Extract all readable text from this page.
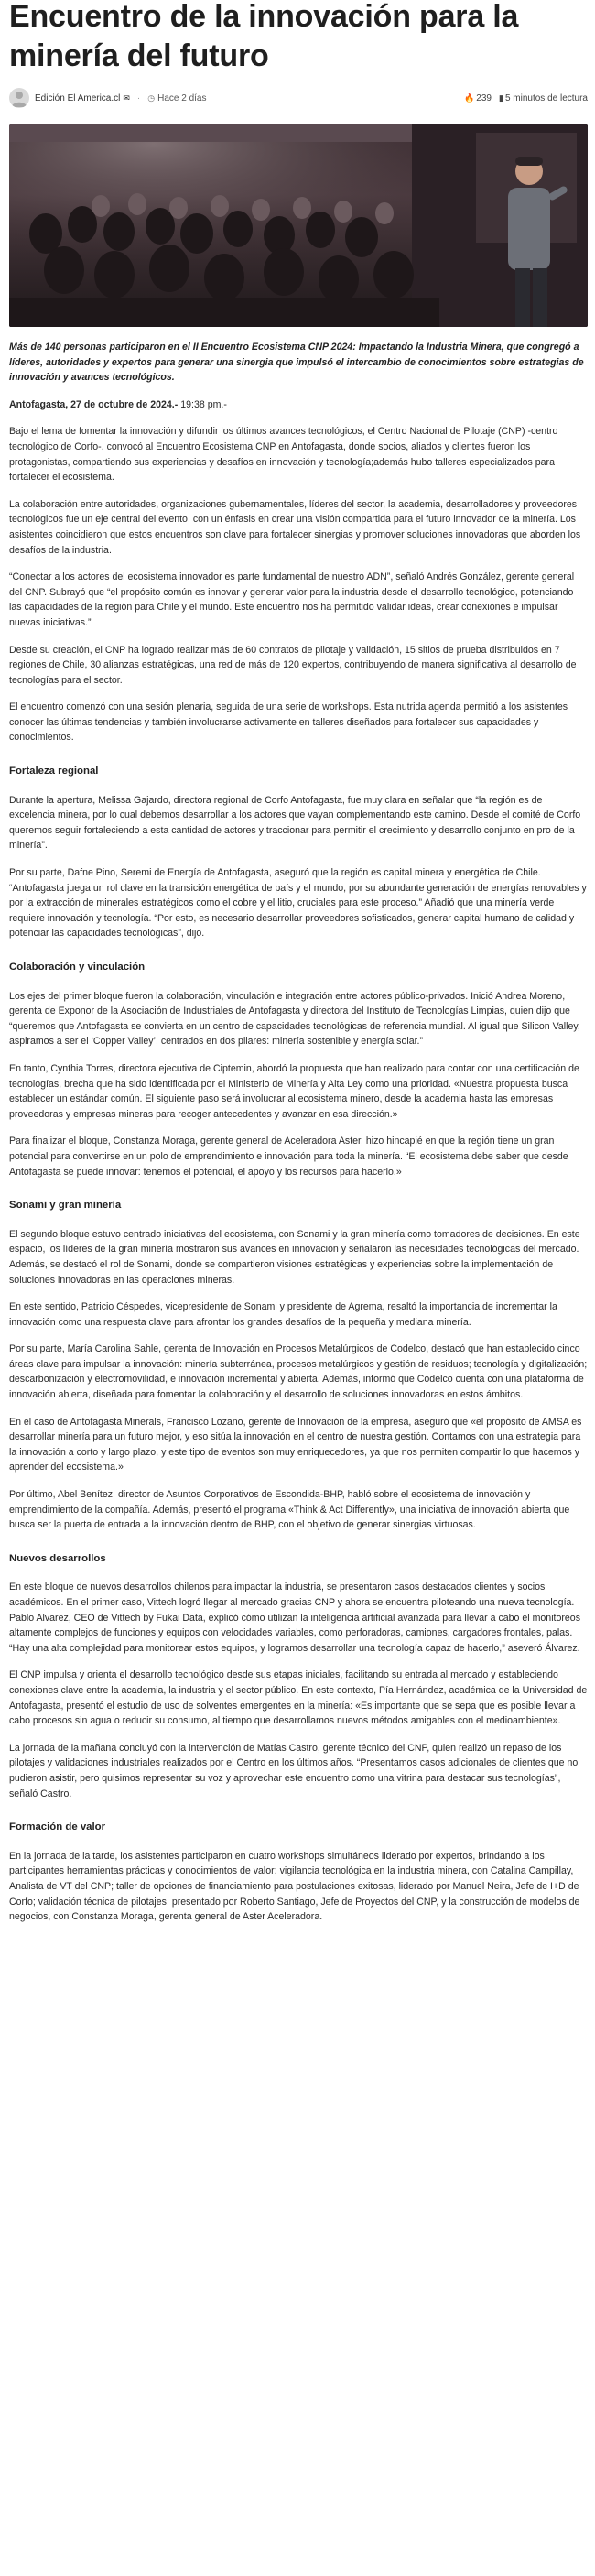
Encuentro de la innovación para la minería del futuro
Edición El America.cl ✉ · ◷ Hace 2 días	🔥 239 ▮ 5 minutos de lectura

Más de 140 personas participaron en el II Encuentro Ecosistema CNP 2024: Impactando la Industria Minera, que congregó a líderes, autoridades y expertos para generar una sinergia que impulsó el intercambio de conocimientos sobre estrategias de innovación y avances tecnológicos.

Antofagasta, 27 de octubre de 2024.- 19:38 pm.-

Bajo el lema de fomentar la innovación y difundir los últimos avances tecnológicos, el Centro Nacional de Pilotaje (CNP) -centro tecnológico de Corfo-, convocó al Encuentro Ecosistema CNP en Antofagasta, donde socios, aliados y clientes fueron los protagonistas, compartiendo sus experiencias y desafíos en innovación y tecnología;además hubo talleres especializados para fortalecer el ecosistema.

La colaboración entre autoridades, organizaciones gubernamentales, líderes del sector, la academia, desarrolladores y proveedores tecnológicos fue un eje central del evento, con un énfasis en crear una visión compartida para el futuro innovador de la minería. Los asistentes coincidieron que estos encuentros son clave para fortalecer sinergias y promover soluciones innovadoras que aborden los desafíos de la industria.

“Conectar a los actores del ecosistema innovador es parte fundamental de nuestro ADN”, señaló Andrés González, gerente general del CNP. Subrayó que “el propósito común es innovar y generar valor para la industria desde el desarrollo tecnológico, potenciando las capacidades de la región para Chile y el mundo. Este encuentro nos ha permitido validar ideas, crear conexiones e impulsar nuevas iniciativas.”

Desde su creación, el CNP ha logrado realizar más de 60 contratos de pilotaje y validación, 15 sitios de prueba distribuidos en 7 regiones de Chile, 30 alianzas estratégicas, una red de más de 120 expertos, contribuyendo de manera significativa al desarrollo de tecnologías para el sector.

El encuentro comenzó con una sesión plenaria, seguida de una serie de workshops. Esta nutrida agenda permitió a los asistentes conocer las últimas tendencias y también involucrarse activamente en talleres diseñados para fortalecer sus capacidades y conocimientos.

Fortaleza regional

Durante la apertura, Melissa Gajardo, directora regional de Corfo Antofagasta, fue muy clara en señalar que “la región es de excelencia minera, por lo cual debemos desarrollar a los actores que vayan complementando este camino. Desde el comité de Corfo queremos seguir fortaleciendo a esta cantidad de actores y traccionar para permitir el crecimiento y desarrollo conjunto en pro de la minería”.

Por su parte, Dafne Pino, Seremi de Energía de Antofagasta, aseguró que la región es capital minera y energética de Chile. “Antofagasta juega un rol clave en la transición energética de país y el mundo, por su abundante generación de energías renovables y por la extracción de minerales estratégicos como el cobre y el litio, cruciales para este proceso.” Añadió que una minería verde requiere innovación y tecnología. “Por esto, es necesario desarrollar proveedores sofisticados, generar capital humano de calidad y potenciar las capacidades tecnológicas”, dijo.

Colaboración y vinculación

Los ejes del primer bloque fueron la colaboración, vinculación e integración entre actores público-privados. Inició Andrea Moreno, gerenta de Exponor de la Asociación de Industriales de Antofagasta y directora del Instituto de Tecnologías Limpias, quien dijo que “queremos que Antofagasta se convierta en un centro de capacidades tecnológicas de referencia mundial. Al igual que Silicon Valley, aspiramos a ser el ‘Copper Valley’, centrados en dos pilares: minería sostenible y energía solar.”

En tanto, Cynthia Torres, directora ejecutiva de Ciptemin, abordó la propuesta que han realizado para contar con una certificación de tecnologías, brecha que ha sido identificada por el Ministerio de Minería y Alta Ley como una prioridad. «Nuestra propuesta busca establecer un estándar común. El siguiente paso será involucrar al ecosistema minero, desde la academia hasta las empresas proveedoras y empresas mineras para recoger antecedentes y avanzar en esa dirección.»

Para finalizar el bloque, Constanza Moraga, gerente general de Aceleradora Aster, hizo hincapié en que la región tiene un gran potencial para convertirse en un polo de emprendimiento e innovación para toda la minería. “El ecosistema debe saber que desde Antofagasta se puede innovar: tenemos el potencial, el apoyo y los recursos para hacerlo.»

Sonami y gran minería

El segundo bloque estuvo centrado iniciativas del ecosistema, con Sonami y la gran minería como tomadores de decisiones. En este espacio, los líderes de la gran minería mostraron sus avances en innovación y señalaron las necesidades tecnológicas del mercado. Además, se destacó el rol de Sonami, donde se compartieron visiones estratégicas y experiencias sobre la implementación de soluciones innovadoras en las operaciones mineras.

En este sentido, Patricio Céspedes, vicepresidente de Sonami y presidente de Agrema, resaltó la importancia de incrementar la innovación como una respuesta clave para afrontar los grandes desafíos de la pequeña y mediana minería.

Por su parte, María Carolina Sahle, gerenta de Innovación en Procesos Metalúrgicos de Codelco, destacó que han establecido cinco áreas clave para impulsar la innovación: minería subterránea, procesos metalúrgicos y gestión de residuos; tecnología y digitalización; descarbonización y electromovilidad, e innovación incremental y abierta. Además, informó que Codelco cuenta con una plataforma de innovación abierta, diseñada para fomentar la colaboración y el desarrollo de soluciones innovadoras en estos ámbitos.

En el caso de Antofagasta Minerals, Francisco Lozano, gerente de Innovación de la empresa, aseguró que «el propósito de AMSA es desarrollar minería para un futuro mejor, y eso sitúa la innovación en el centro de nuestra gestión. Contamos con una estrategia para la innovación a corto y largo plazo, y este tipo de eventos son muy enriquecedores, ya que nos permiten compartir lo que hacemos y aprender del ecosistema.»

Por último, Abel Benítez, director de Asuntos Corporativos de Escondida-BHP, habló sobre el ecosistema de innovación y emprendimiento de la compañía. Además, presentó el programa «Think & Act Differently», una iniciativa de innovación abierta que busca ser la puerta de entrada a la innovación dentro de BHP, con el objetivo de generar sinergias virtuosas.

Nuevos desarrollos

En este bloque de nuevos desarrollos chilenos para impactar la industria, se presentaron casos destacados clientes y socios académicos. En el primer caso, Vittech logró llegar al mercado gracias CNP y ahora se encuentra piloteando una nueva tecnología. Pablo Alvarez, CEO de Vittech by Fukai Data, explicó cómo utilizan la inteligencia artificial avanzada para llevar a cabo el monitoreos altamente complejos de funciones y equipos con velocidades variables, como perforadoras, camiones, cargadores frontales, palas. “Hay una alta complejidad para monitorear estos equipos, y logramos desarrollar una tecnología capaz de hacerlo,” aseveró Álvarez.

El CNP impulsa y orienta el desarrollo tecnológico desde sus etapas iniciales, facilitando su entrada al mercado y estableciendo conexiones clave entre la academia, la industria y el sector público. En este contexto, Pía Hernández, académica de la Universidad de Antofagasta, presentó el estudio de uso de solventes emergentes en la minería: «Es importante que se sepa que es posible llevar a cabo procesos sin agua o reducir su consumo, al tiempo que desarrollamos nuevos métodos amigables con el medioambiente».

La jornada de la mañana concluyó con la intervención de Matías Castro, gerente técnico del CNP, quien realizó un repaso de los pilotajes y validaciones industriales realizados por el Centro en los últimos años. “Presentamos casos adicionales de clientes que no pudieron asistir, pero quisimos representar su voz y aprovechar este encuentro como una vitrina para destacar sus tecnologías”, señaló Castro.

Formación de valor

En la jornada de la tarde, los asistentes participaron en cuatro workshops simultáneos liderado por expertos, brindando a los participantes herramientas prácticas y conocimientos de valor: vigilancia tecnológica en la industria minera, con Catalina Campillay, Analista de VT del CNP; taller de opciones de financiamiento para postulaciones exitosas, liderado por Manuel Neira, Jefe de I+D de Corfo; validación técnica de pilotajes, presentado por Roberto Santiago, Jefe de Proyectos del CNP, y la construcción de modelos de negocios, con Constanza Moraga, gerenta general de Aster Aceleradora.
